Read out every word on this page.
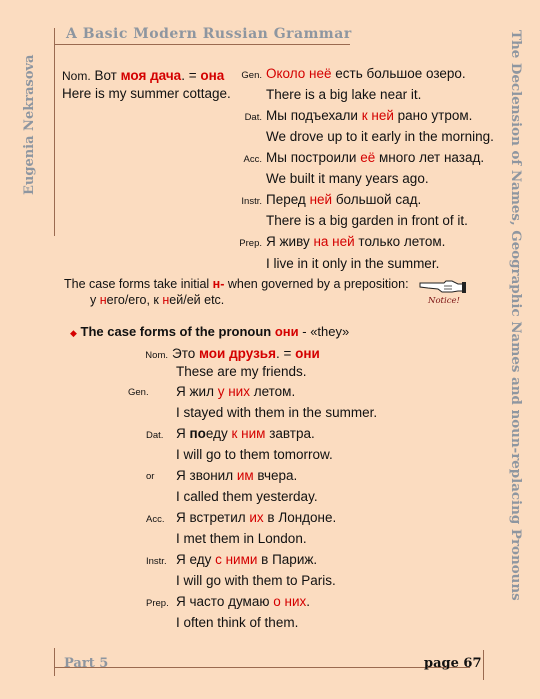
A Basic Modern Russian Grammar
Eugenia Nekrasova	The Declension of Names, Geographic Names and noun-replacing Pronouns
Nom. Вот моя дача. = она
Here is my summer cottage.
Gen. Около неё есть большое озеро.
There is a big lake near it.
Dat. Мы подъехали к ней рано утром.
We drove up to it early in the morning.
Acc. Мы построили её много лет назад.
We built it many years ago.
Instr. Перед ней большой сад.
There is a big garden in front of it.
Prep. Я живу на ней только летом.
I live in it only in the summer.
The case forms take initial н- when governed by a preposition:
у него/его, к ней/ей etc.	Notice!
◆ The case forms of the pronoun они - «they»
Nom. Это мои друзья. = они
These are my friends.
Gen.	Я жил у них летом.
I stayed with them in the summer.
Dat. Я поеду к ним завтра.
I will go to them tomorrow.
or	Я звонил им вчера.
I called them yesterday.
Acc. Я встретил их в Лондоне.
I met them in London.
Instr. Я еду с ними в Париж.
I will go with them to Paris.
Prep. Я часто думаю о них.
I often think of them.
Part 5	page 67
